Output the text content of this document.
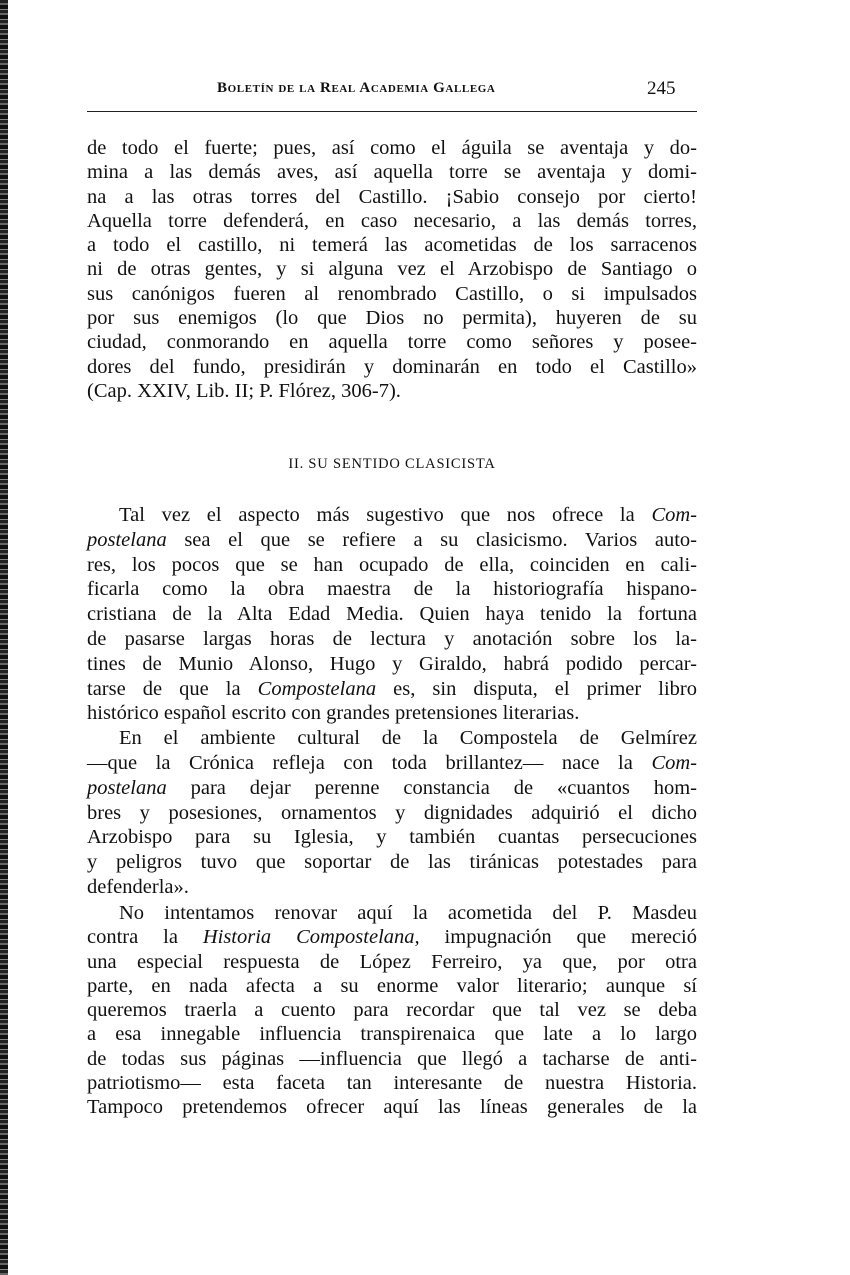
Boletín de la Real Academia Gallega	245
de todo el fuerte; pues, así como el águila se aventaja y do-
mina a las demás aves, así aquella torre se aventaja y domi-
na a las otras torres del Castillo. ¡Sabio consejo por cierto!
Aquella torre defenderá, en caso necesario, a las demás torres,
a todo el castillo, ni temerá las acometidas de los sarracenos
ni de otras gentes, y si alguna vez el Arzobispo de Santiago o
sus canónigos fueren al renombrado Castillo, o si impulsados
por sus enemigos (lo que Dios no permita), huyeren de su
ciudad, conmorando en aquella torre como señores y posee-
dores del fundo, presidirán y dominarán en todo el Castillo»
(Cap. XXIV, Lib. II; P. Flórez, 306-7).
II. SU SENTIDO CLASICISTA
Tal vez el aspecto más sugestivo que nos ofrece la Com-
postelana sea el que se refiere a su clasicismo. Varios auto-
res, los pocos que se han ocupado de ella, coinciden en cali-
ficarla como la obra maestra de la historiografía hispano-
cristiana de la Alta Edad Media. Quien haya tenido la fortuna
de pasarse largas horas de lectura y anotación sobre los la-
tines de Munio Alonso, Hugo y Giraldo, habrá podido percar-
tarse de que la Compostelana es, sin disputa, el primer libro
histórico español escrito con grandes pretensiones literarias.
En el ambiente cultural de la Compostela de Gelmírez
—que la Crónica refleja con toda brillantez— nace la Com-
postelana para dejar perenne constancia de «cuantos hom-
bres y posesiones, ornamentos y dignidades adquirió el dicho
Arzobispo para su Iglesia, y también cuantas persecuciones
y peligros tuvo que soportar de las tiránicas potestades para
defenderla».
No intentamos renovar aquí la acometida del P. Masdeu
contra la Historia Compostelana, impugnación que mereció
una especial respuesta de López Ferreiro, ya que, por otra
parte, en nada afecta a su enorme valor literario; aunque sí
queremos traerla a cuento para recordar que tal vez se deba
a esa innegable influencia transpirenaica que late a lo largo
de todas sus páginas —influencia que llegó a tacharse de anti-
patriotismo— esta faceta tan interesante de nuestra Historia.
Tampoco pretendemos ofrecer aquí las líneas generales de la
